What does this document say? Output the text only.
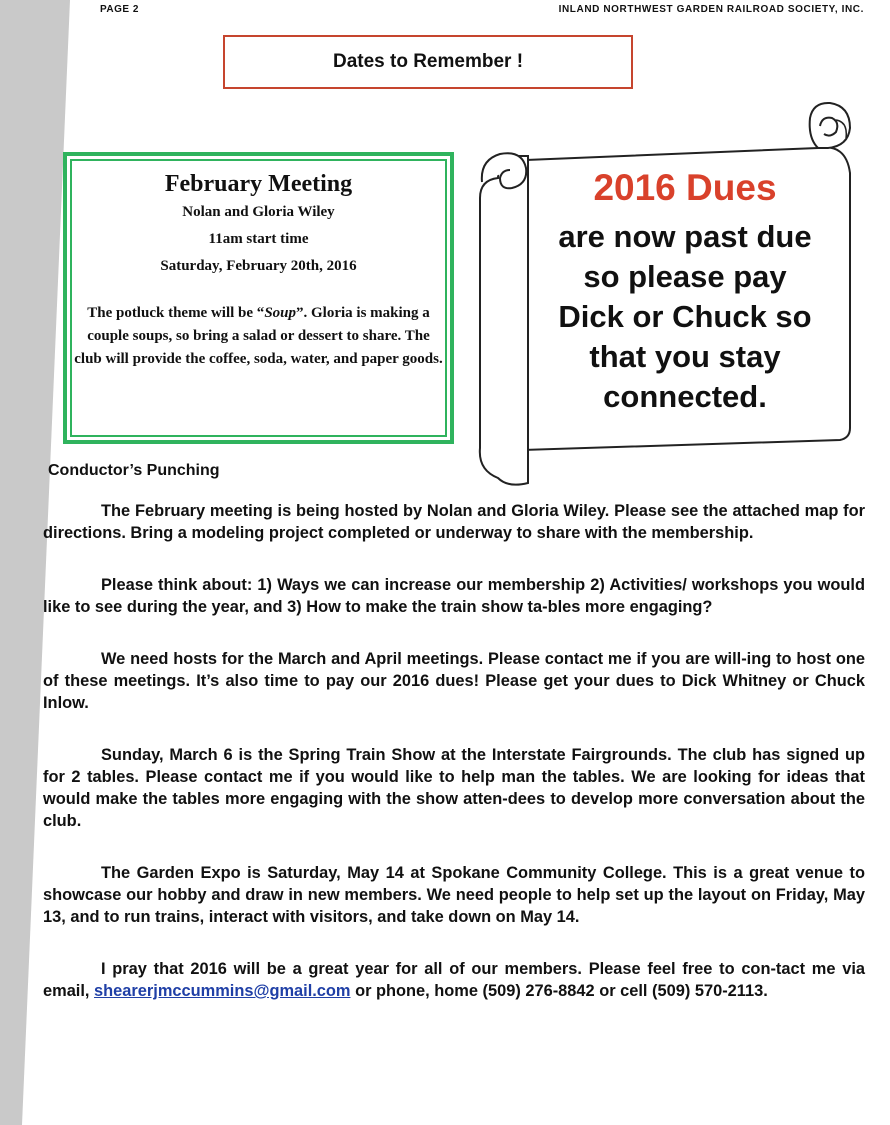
PAGE 2	INLAND NORTHWEST GARDEN RAILROAD SOCIETY, INC.
Dates to Remember !
February Meeting
Nolan and Gloria Wiley
11am start time
Saturday, February 20th, 2016
The potluck theme will be “Soup”. Gloria is making a couple soups, so bring a salad or dessert to share. The club will provide the coffee, soda, water, and paper goods.
2016 Dues
are now past due
so please pay
Dick or Chuck so
that you stay
connected.
Conductor’s Punching

The February meeting is being hosted by Nolan and Gloria Wiley. Please see the attached map for directions. Bring a modeling project completed or underway to share with the membership.

Please think about: 1) Ways we can increase our membership 2) Activities/ workshops you would like to see during the year, and 3) How to make the train show ta-bles more engaging?

We need hosts for the March and April meetings. Please contact me if you are will-ing to host one of these meetings. It’s also time to pay our 2016 dues! Please get your dues to Dick Whitney or Chuck Inlow.

Sunday, March 6 is the Spring Train Show at the Interstate Fairgrounds. The club has signed up for 2 tables. Please contact me if you would like to help man the tables. We are looking for ideas that would make the tables more engaging with the show atten-dees to develop more conversation about the club.

The Garden Expo is Saturday, May 14 at Spokane Community College. This is a great venue to showcase our hobby and draw in new members. We need people to help set up the layout on Friday, May 13, and to run trains, interact with visitors, and take down on May 14.

I pray that 2016 will be a great year for all of our members. Please feel free to con-tact me via email, shearerjmccummins@gmail.com or phone, home (509) 276-8842 or cell (509) 570-2113.
